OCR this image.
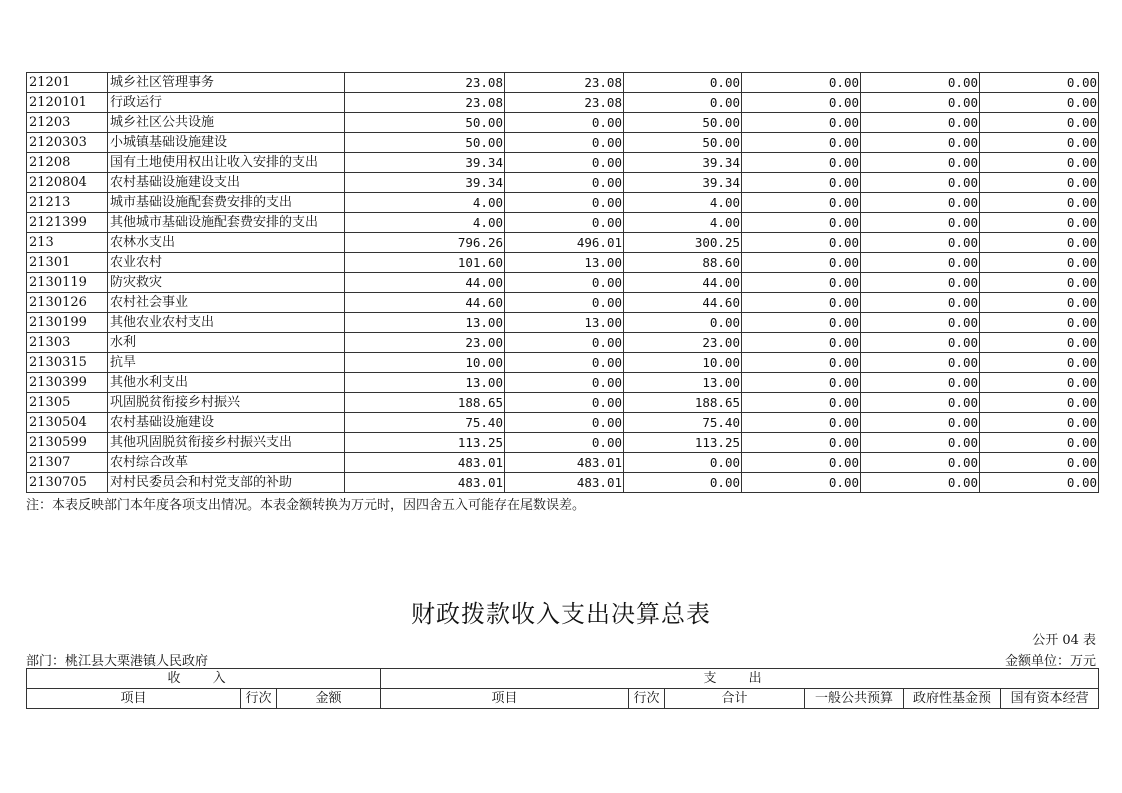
21201	城乡社区管理事务	23.08	23.08	0.00	0.00	0.00	0.00
2120101	行政运行	23.08	23.08	0.00	0.00	0.00	0.00
21203	城乡社区公共设施	50.00	0.00	50.00	0.00	0.00	0.00
2120303	小城镇基础设施建设	50.00	0.00	50.00	0.00	0.00	0.00
21208	国有土地使用权出让收入安排的支出	39.34	0.00	39.34	0.00	0.00	0.00
2120804	农村基础设施建设支出	39.34	0.00	39.34	0.00	0.00	0.00
21213	城市基础设施配套费安排的支出	4.00	0.00	4.00	0.00	0.00	0.00
2121399	其他城市基础设施配套费安排的支出	4.00	0.00	4.00	0.00	0.00	0.00
213	农林水支出	796.26	496.01	300.25	0.00	0.00	0.00
21301	农业农村	101.60	13.00	88.60	0.00	0.00	0.00
2130119	防灾救灾	44.00	0.00	44.00	0.00	0.00	0.00
2130126	农村社会事业	44.60	0.00	44.60	0.00	0.00	0.00
2130199	其他农业农村支出	13.00	13.00	0.00	0.00	0.00	0.00
21303	水利	23.00	0.00	23.00	0.00	0.00	0.00
2130315	抗旱	10.00	0.00	10.00	0.00	0.00	0.00
2130399	其他水利支出	13.00	0.00	13.00	0.00	0.00	0.00
21305	巩固脱贫衔接乡村振兴	188.65	0.00	188.65	0.00	0.00	0.00
2130504	农村基础设施建设	75.40	0.00	75.40	0.00	0.00	0.00
2130599	其他巩固脱贫衔接乡村振兴支出	113.25	0.00	113.25	0.00	0.00	0.00
21307	农村综合改革	483.01	483.01	0.00	0.00	0.00	0.00
2130705	对村民委员会和村党支部的补助	483.01	483.01	0.00	0.00	0.00	0.00
注：本表反映部门本年度各项支出情况。本表金额转换为万元时，因四舍五入可能存在尾数误差。
财政拨款收入支出决算总表
公开 04 表
部门：桃江县大栗港镇人民政府	金额单位：万元
收 入			支 出					
项目	行次	金额	项目	行次	合计	一般公共预算	政府性基金预	国有资本经营
